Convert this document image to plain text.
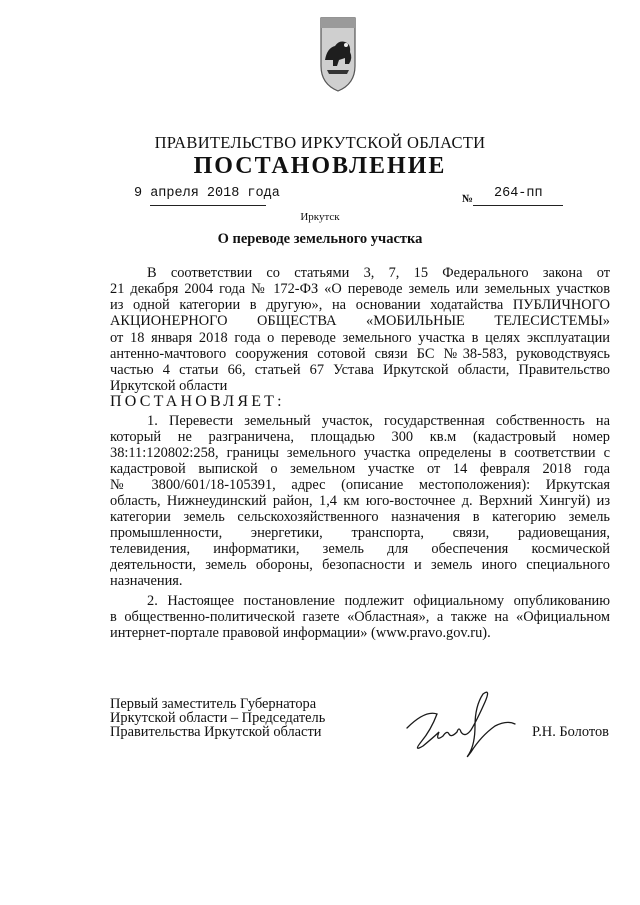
ПРАВИТЕЛЬСТВО ИРКУТСКОЙ ОБЛАСТИ
ПОСТАНОВЛЕНИЕ
9 апреля 2018 года	№ 264-пп
Иркутск
О переводе земельного участка
В соответствии со статьями 3, 7, 15 Федерального закона от
21 декабря 2004 года № 172-ФЗ «О переводе земель или земельных участков
из одной категории в другую», на основании ходатайства ПУБЛИЧНОГО
АКЦИОНЕРНОГО ОБЩЕСТВА «МОБИЛЬНЫЕ ТЕЛЕСИСТЕМЫ»
от 18 января 2018 года о переводе земельного участка в целях эксплуатации
антенно-мачтового сооружения сотовой связи БС №38-583, руководствуясь
частью 4 статьи 66, статьей 67 Устава Иркутской области, Правительство
Иркутской области
ПОСТАНОВЛЯЕТ:
1. Перевести земельный участок, государственная собственность на
который не разграничена, площадью 300 кв.м (кадастровый номер
38:11:120802:258, границы земельного участка определены в соответствии с
кадастровой выпиской о земельном участке от 14 февраля 2018 года
№ 3800/601/18-105391, адрес (описание местоположения): Иркутская
область, Нижнеудинский район, 1,4 км юго-восточнее д. Верхний Хингуй) из
категории земель сельскохозяйственного назначения в категорию земель
промышленности, энергетики, транспорта, связи, радиовещания,
телевидения, информатики, земель для обеспечения космической
деятельности, земель обороны, безопасности и земель иного специального
назначения.
2. Настоящее постановление подлежит официальному опубликованию
в общественно-политической газете «Областная», а также на «Официальном
интернет-портале правовой информации» (www.pravo.gov.ru).
Первый заместитель Губернатора
Иркутской области – Председатель
Правительства Иркутской области	Р.Н. Болотов
